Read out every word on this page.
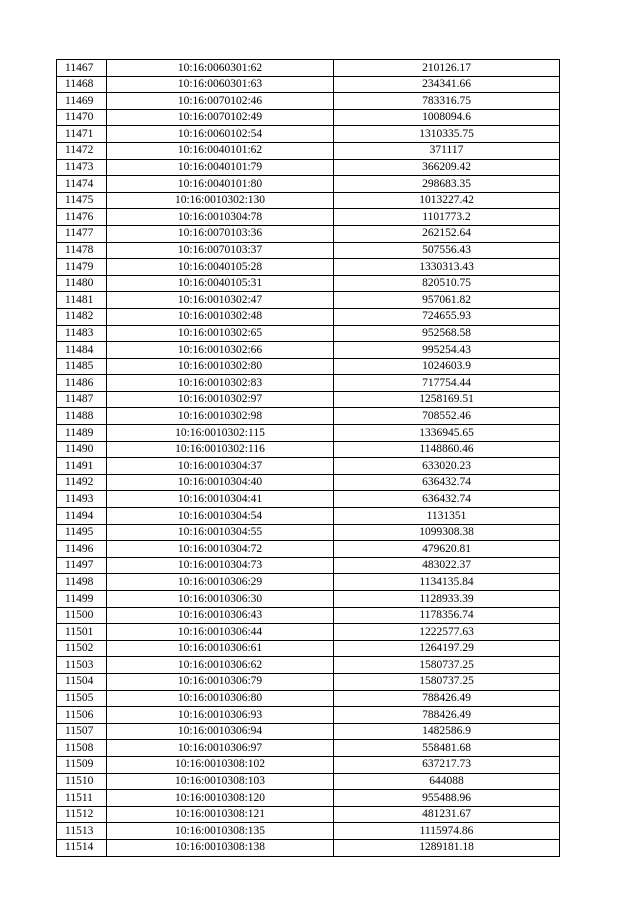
11467	10:16:0060301:62	210126.17
11468	10:16:0060301:63	234341.66
11469	10:16:0070102:46	783316.75
11470	10:16:0070102:49	1008094.6
11471	10:16:0060102:54	1310335.75
11472	10:16:0040101:62	371117
11473	10:16:0040101:79	366209.42
11474	10:16:0040101:80	298683.35
11475	10:16:0010302:130	1013227.42
11476	10:16:0010304:78	1101773.2
11477	10:16:0070103:36	262152.64
11478	10:16:0070103:37	507556.43
11479	10:16:0040105:28	1330313.43
11480	10:16:0040105:31	820510.75
11481	10:16:0010302:47	957061.82
11482	10:16:0010302:48	724655.93
11483	10:16:0010302:65	952568.58
11484	10:16:0010302:66	995254.43
11485	10:16:0010302:80	1024603.9
11486	10:16:0010302:83	717754.44
11487	10:16:0010302:97	1258169.51
11488	10:16:0010302:98	708552.46
11489	10:16:0010302:115	1336945.65
11490	10:16:0010302:116	1148860.46
11491	10:16:0010304:37	633020.23
11492	10:16:0010304:40	636432.74
11493	10:16:0010304:41	636432.74
11494	10:16:0010304:54	1131351
11495	10:16:0010304:55	1099308.38
11496	10:16:0010304:72	479620.81
11497	10:16:0010304:73	483022.37
11498	10:16:0010306:29	1134135.84
11499	10:16:0010306:30	1128933.39
11500	10:16:0010306:43	1178356.74
11501	10:16:0010306:44	1222577.63
11502	10:16:0010306:61	1264197.29
11503	10:16:0010306:62	1580737.25
11504	10:16:0010306:79	1580737.25
11505	10:16:0010306:80	788426.49
11506	10:16:0010306:93	788426.49
11507	10:16:0010306:94	1482586.9
11508	10:16:0010306:97	558481.68
11509	10:16:0010308:102	637217.73
11510	10:16:0010308:103	644088
11511	10:16:0010308:120	955488.96
11512	10:16:0010308:121	481231.67
11513	10:16:0010308:135	1115974.86
11514	10:16:0010308:138	1289181.18
